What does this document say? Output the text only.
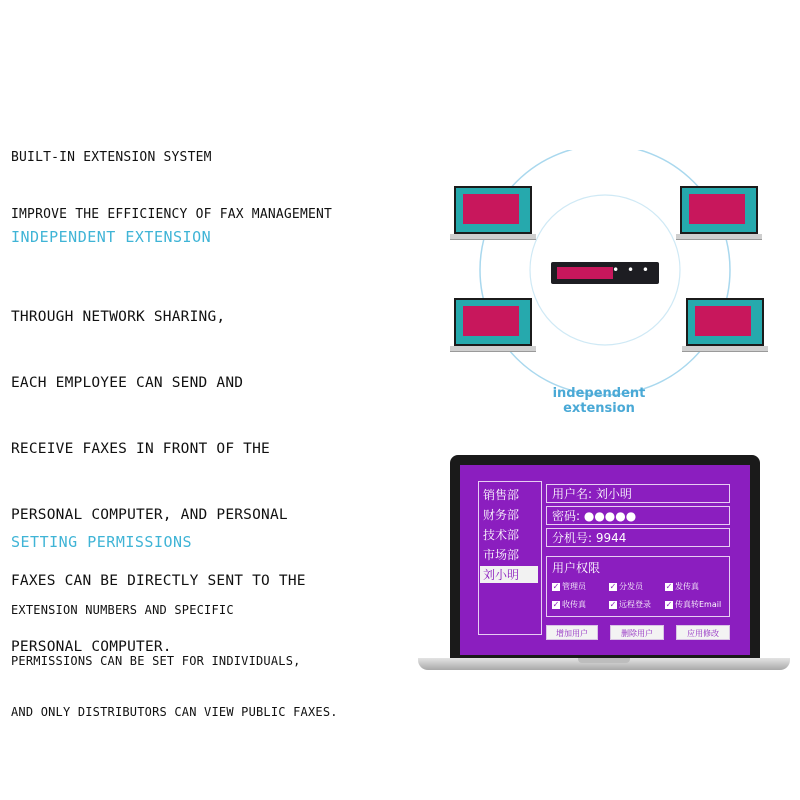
BUILT-IN EXTENSION SYSTEM

IMPROVE THE EFFICIENCY OF FAX MANAGEMENT

INDEPENDENT EXTENSION

THROUGH NETWORK SHARING,

EACH EMPLOYEE CAN SEND AND

RECEIVE FAXES IN FRONT OF THE

PERSONAL COMPUTER, AND PERSONAL

FAXES CAN BE DIRECTLY SENT TO THE

PERSONAL COMPUTER.

SETTING PERMISSIONS

EXTENSION NUMBERS AND SPECIFIC

PERMISSIONS CAN BE SET FOR INDIVIDUALS,

AND ONLY DISTRIBUTORS CAN VIEW PUBLIC FAXES.

• • •
independent
extension
销售部
财务部
技术部
市场部
刘小明
用户名: 刘小明
密码: ●●●●●
分机号: 9944
用户权限
✓ 管理员	✓ 分发员	✓ 发传真
✓ 收传真	✓ 远程登录 ✓ 传真转Email
增加用户	删除用户	应用修改
